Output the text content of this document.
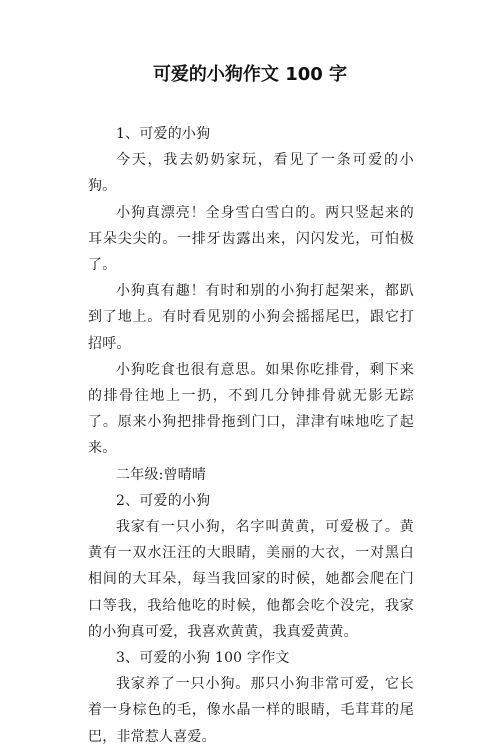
可爱的小狗作文 100 字

1、可爱的小狗

今天，我去奶奶家玩，看见了一条可爱的小狗。

小狗真漂亮！全身雪白雪白的。两只竖起来的耳朵尖尖的。一排牙齿露出来，闪闪发光，可怕极了。

小狗真有趣！有时和别的小狗打起架来，都趴到了地上。有时看见别的小狗会摇摇尾巴，跟它打招呼。

小狗吃食也很有意思。如果你吃排骨，剩下来的排骨往地上一扔，不到几分钟排骨就无影无踪了。原来小狗把排骨拖到门口，津津有味地吃了起来。

二年级:曾晴晴

2、可爱的小狗

我家有一只小狗，名字叫黄黄，可爱极了。黄黄有一双水汪汪的大眼睛，美丽的大衣，一对黑白相间的大耳朵，每当我回家的时候，她都会爬在门口等我，我给他吃的时候，他都会吃个没完，我家的小狗真可爱，我喜欢黄黄，我真爱黄黄。

3、可爱的小狗 100 字作文

我家养了一只小狗。那只小狗非常可爱，它长着一身棕色的毛，像水晶一样的眼睛，毛茸茸的尾巴，非常惹人喜爱。
